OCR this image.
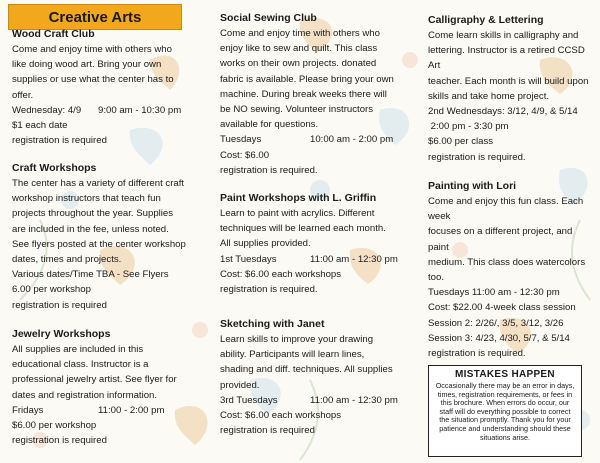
Creative Arts

Wood Craft Club

Come and enjoy time with others who

like doing wood art. Bring your own

supplies or use what the center has to

offer.

Wednesday: 4/9	9:00 am - 10:30 pm

$1 each date

registration is required

Craft Workshops

The center has a variety of different craft

workshop instructors that teach fun

projects throughout the year. Supplies

are included in the fee, unless noted.

See flyers posted at the center workshop

dates, times and projects.

Various dates/Time TBA - See Flyers

6.00 per workshop

registration is required

Jewelry Workshops

All supplies are included in this

educational class. Instructor is a

professional jewelry artist. See flyer for

dates and registration information.

Fridays	11:00 - 2:00 pm

$6.00 per workshop

registration is required

Social Sewing Club

Come and enjoy time with others who

enjoy like to sew and quilt. This class

works on their own projects. donated

fabric is available. Please bring your own

machine. During break weeks there will

be NO sewing. Volunteer instructors

available for questions.

Tuesdays	10:00 am - 2:00 pm

Cost: $6.00

registration is required.

Paint Workshops with L. Griffin

Learn to paint with acrylics. Different

techniques will be learned each month.

All supplies provided.

1st Tuesdays	11:00 am - 12:30 pm

Cost: $6.00 each workshops

registration is required.

Sketching with Janet

Learn skills to improve your drawing

ability. Participants will learn lines,

shading and diff. techniques. All supplies

provided.

3rd Tuesdays	11:00 am - 12:30 pm

Cost: $6.00 each workshops

registration is required

Calligraphy & Lettering

Come learn skills in calligraphy and

lettering. Instructor is a retired CCSD Art

teacher. Each month is will build upon

skills and take home project.

2nd Wednesdays: 3/12, 4/9, & 5/14

2:00 pm - 3:30 pm

$6.00 per class

registration is required.

Painting with Lori

Come and enjoy this fun class. Each week

focuses on a different project, and paint

medium. This class does watercolors too.

Tuesdays 11:00 am - 12:30 pm

Cost: $22.00 4-week class session

Session 2: 2/26/, 3/5, 3/12, 3/26

Session 3: 4/23, 4/30, 5/7, & 5/14

registration is required.

MISTAKES HAPPEN

Occasionally there may be an error in days,

times, registration requirements, or fees in

this brochure. When errors do occur, our

staff will do everything possible to correct

the situation promptly. Thank you for your

patience and understanding should these

situations arise.
